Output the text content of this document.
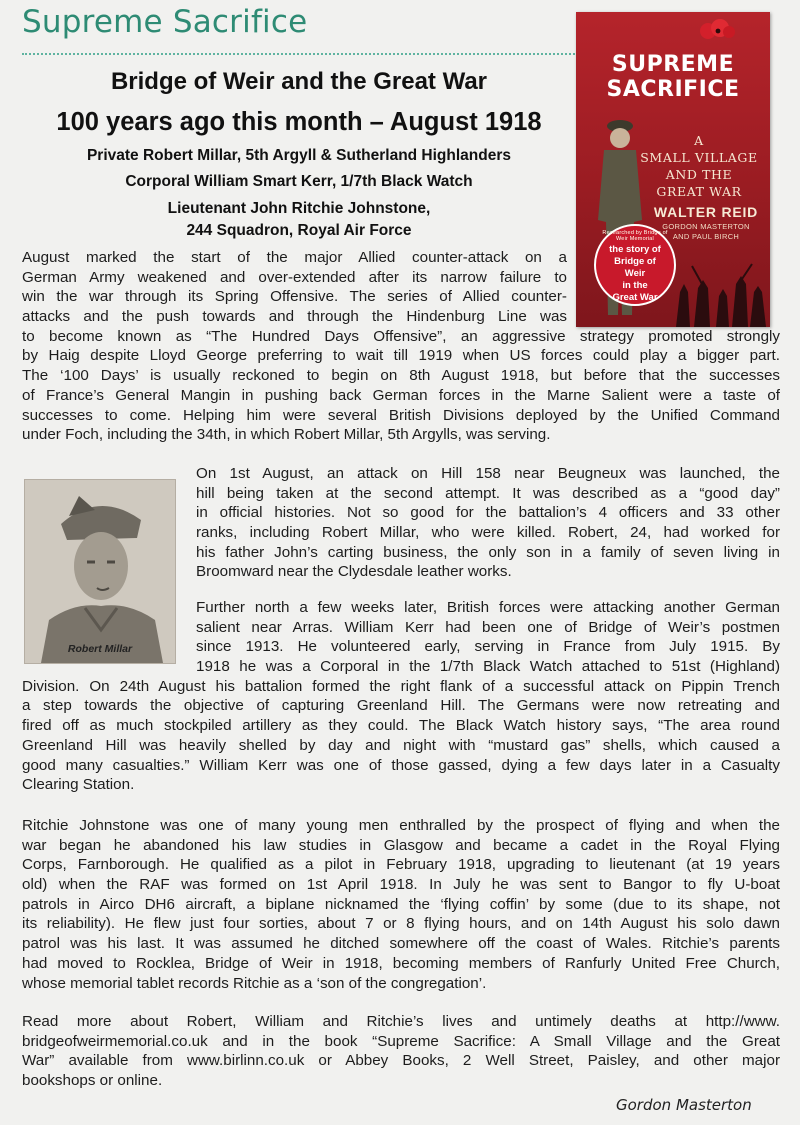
Supreme Sacrifice
Bridge of Weir and the Great War
100 years ago this month – August 1918
Private Robert Millar, 5th Argyll & Sutherland Highlanders
Corporal William Smart Kerr, 1/7th Black Watch
Lieutenant John Ritchie Johnstone,
244 Squadron, Royal Air Force
SUPREME
SACRIFICE
A
SMALL VILLAGE
AND THE
GREAT WAR
WALTER REID
GORDON MASTERTON
AND PAUL BIRCH
Researched by Bridge of Weir Memorial
the story of
Bridge of Weir
in the
Great War
Robert Millar
August marked the start of the major Allied counter-attack on a
German Army weakened and over-extended after its narrow failure to
win the war through its Spring Offensive. The series of Allied counter-
attacks and the push towards and through the Hindenburg Line was
to become known as “The Hundred Days Offensive”, an aggressive strategy promoted strongly
by Haig despite Lloyd George preferring to wait till 1919 when US forces could play a bigger part.
The ‘100 Days’ is usually reckoned to begin on 8th August 1918, but before that the successes
of France’s General Mangin in pushing back German forces in the Marne Salient were a taste of
successes to come. Helping him were several British Divisions deployed by the Unified Command
under Foch, including the 34th, in which Robert Millar, 5th Argylls, was serving.
On 1st August, an attack on Hill 158 near Beugneux was launched, the
hill being taken at the second attempt. It was described as a “good day”
in official histories. Not so good for the battalion’s 4 officers and 33 other
ranks, including Robert Millar, who were killed. Robert, 24, had worked for
his father John’s carting business, the only son in a family of seven living in
Broomward near the Clydesdale leather works.
Further north a few weeks later, British forces were attacking another German
salient near Arras. William Kerr had been one of Bridge of Weir’s postmen
since 1913. He volunteered early, serving in France from July 1915. By
1918 he was a Corporal in the 1/7th Black Watch attached to 51st (Highland)
Division. On 24th August his battalion formed the right flank of a successful attack on Pippin Trench
a step towards the objective of capturing Greenland Hill. The Germans were now retreating and
fired off as much stockpiled artillery as they could. The Black Watch history says, “The area round
Greenland Hill was heavily shelled by day and night with “mustard gas” shells, which caused a
good many casualties.” William Kerr was one of those gassed, dying a few days later in a Casualty
Clearing Station.
Ritchie Johnstone was one of many young men enthralled by the prospect of flying and when the
war began he abandoned his law studies in Glasgow and became a cadet in the Royal Flying
Corps, Farnborough. He qualified as a pilot in February 1918, upgrading to lieutenant (at 19 years
old) when the RAF was formed on 1st April 1918. In July he was sent to Bangor to fly U-boat
patrols in Airco DH6 aircraft, a biplane nicknamed the ‘flying coffin’ by some (due to its shape, not
its reliability). He flew just four sorties, about 7 or 8 flying hours, and on 14th August his solo dawn
patrol was his last. It was assumed he ditched somewhere off the coast of Wales. Ritchie’s parents
had moved to Rocklea, Bridge of Weir in 1918, becoming members of Ranfurly United Free Church,
whose memorial tablet records Ritchie as a ‘son of the congregation’.
Read more about Robert, William and Ritchie’s lives and untimely deaths at http://www.
bridgeofweirmemorial.co.uk and in the book “Supreme Sacrifice: A Small Village and the Great
War” available from www.birlinn.co.uk or Abbey Books, 2 Well Street, Paisley, and other major
bookshops or online.
Gordon Masterton
